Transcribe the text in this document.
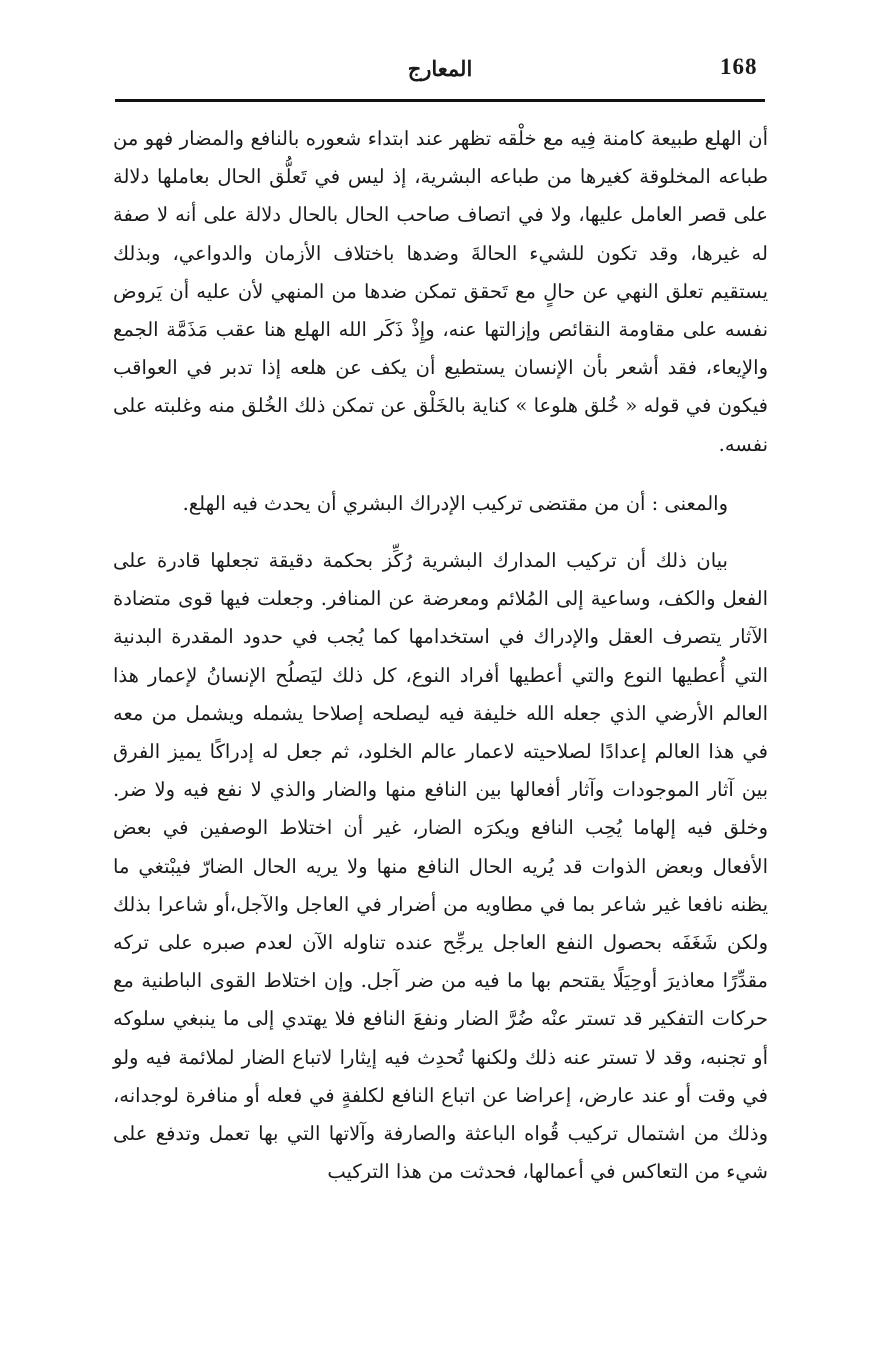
168
المعارج

أن الهلع طبيعة كامنة فِيه مع خلْقه تظهر عند ابتداء شعوره بالنافع والمضار فهو من طباعه المخلوقة كغيرها من طباعه البشرية، إذ ليس في تَعلُّق الحال بعاملها دلالة على قصر العامل عليها، ولا في اتصاف صاحب الحال بالحال دلالة على أنه لا صفة له غيرها، وقد تكون للشيء الحالةَ وضدها باختلاف الأزمان والدواعي، وبذلك يستقيم تعلق النهي عن حالٍ مع تَحقق تمكن ضدها من المنهي لأن عليه أن يَروض نفسه على مقاومة النقائص وإزالتها عنه، وإِذْ ذَكَر الله الهلع هنا عقب مَذَمَّة الجمع والإيعاء، فقد أشعر بأن الإنسان يستطيع أن يكف عن هلعه إذا تدبر في العواقب فيكون في قوله « خُلق هلوعا » كناية بالخَلْق عن تمكن ذلك الخُلق منه وغلبته على نفسه.

والمعنى : أن من مقتضى تركيب الإدراك البشري أن يحدث فيه الهلع.

بيان ذلك أن تركيب المدارك البشرية رُكِّز بحكمة دقيقة تجعلها قادرة على الفعل والكف، وساعية إلى المُلائم ومعرضة عن المنافر. وجعلت فيها قوى متضادة الآثار يتصرف العقل والإدراك في استخدامها كما يُجب في حدود المقدرة البدنية التي أُعطيها النوع والتي أعطيها أفراد النوع، كل ذلك ليَصلُح الإنسانُ لإعمار هذا العالم الأرضي الذي جعله الله خليفة فيه ليصلحه إصلاحا يشمله ويشمل من معه في هذا العالم إعدادًا لصلاحيته لاعمار عالم الخلود، ثم جعل له إدراكًا يميز الفرق بين آثار الموجودات وآثار أفعالها بين النافع منها والضار والذي لا نفع فيه ولا ضر. وخلق فيه إلهاما يُحِب النافع ويكرَه الضار، غير أن اختلاط الوصفين في بعض الأفعال وبعض الذوات قد يُريه الحال النافع منها ولا يريه الحال الضارّ فيبْتغي ما يظنه نافعا غير شاعر بما في مطاويه من أضرار في العاجل والآجل،أو شاعرا بذلك ولكن شَغَفَه بحصول النفع العاجل يرجِّح عنده تناوله الآن لعدم صبره على تركه مقدِّرًا معاذيرَ أوحِيَلًا يقتحم بها ما فيه من ضر آجل. وإن اختلاط القوى الباطنية مع حركات التفكير قد تستر عنْه ضُرَّ الضار ونفعَ النافع فلا يهتدي إلى ما ينبغي سلوكه أو تجنبه، وقد لا تستر عنه ذلك ولكنها تُحدِث فيه إيثارا لاتباع الضار لملائمة فيه ولو في وقت أو عند عارض، إعراضا عن اتباع النافع لكلفةٍ في فعله أو منافرة لوجدانه، وذلك من اشتمال تركيب قُواه الباعثة والصارفة وآلاتها التي بها تعمل وتدفع على شيء من التعاكس في أعمالها، فحدثت من هذا التركيب
